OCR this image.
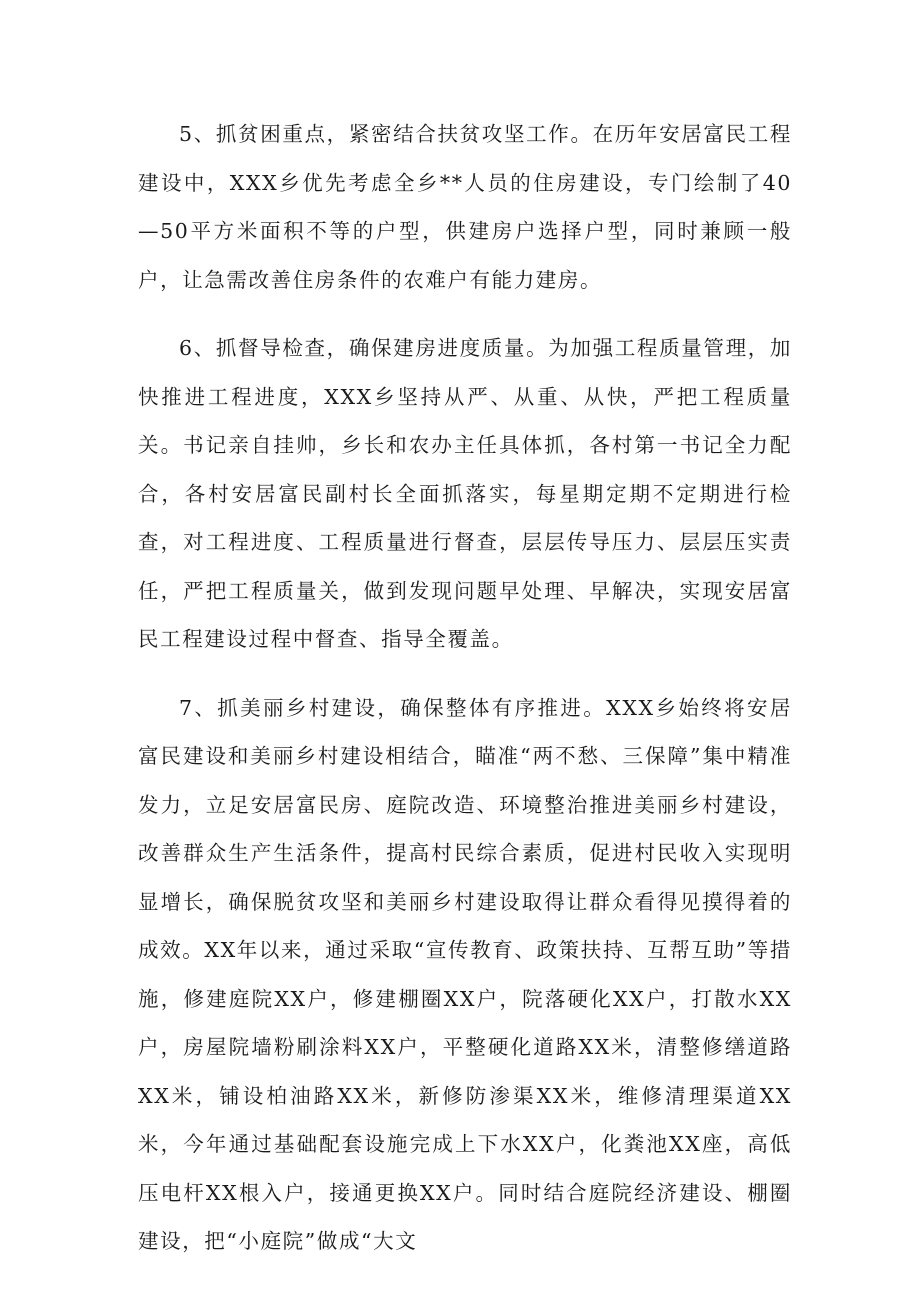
5、抓贫困重点，紧密结合扶贫攻坚工作。在历年安居富民工程建设中，XXX乡优先考虑全乡**人员的住房建设，专门绘制了40—50平方米面积不等的户型，供建房户选择户型，同时兼顾一般户，让急需改善住房条件的农难户有能力建房。

6、抓督导检查，确保建房进度质量。为加强工程质量管理，加快推进工程进度，XXX乡坚持从严、从重、从快，严把工程质量关。书记亲自挂帅，乡长和农办主任具体抓，各村第一书记全力配合，各村安居富民副村长全面抓落实，每星期定期不定期进行检查，对工程进度、工程质量进行督查，层层传导压力、层层压实责任，严把工程质量关，做到发现问题早处理、早解决，实现安居富民工程建设过程中督查、指导全覆盖。

7、抓美丽乡村建设，确保整体有序推进。XXX乡始终将安居富民建设和美丽乡村建设相结合，瞄准“两不愁、三保障”集中精准发力，立足安居富民房、庭院改造、环境整治推进美丽乡村建设，改善群众生产生活条件，提高村民综合素质，促进村民收入实现明显增长，确保脱贫攻坚和美丽乡村建设取得让群众看得见摸得着的成效。XX年以来，通过采取“宣传教育、政策扶持、互帮互助”等措施，修建庭院XX户，修建棚圈XX户，院落硬化XX户，打散水XX户，房屋院墙粉刷涂料XX户，平整硬化道路XX米，清整修缮道路XX米，铺设柏油路XX米，新修防渗渠XX米，维修清理渠道XX米，今年通过基础配套设施完成上下水XX户，化粪池XX座，高低压电杆XX根入户，接通更换XX户。同时结合庭院经济建设、棚圈建设，把“小庭院”做成“大文
